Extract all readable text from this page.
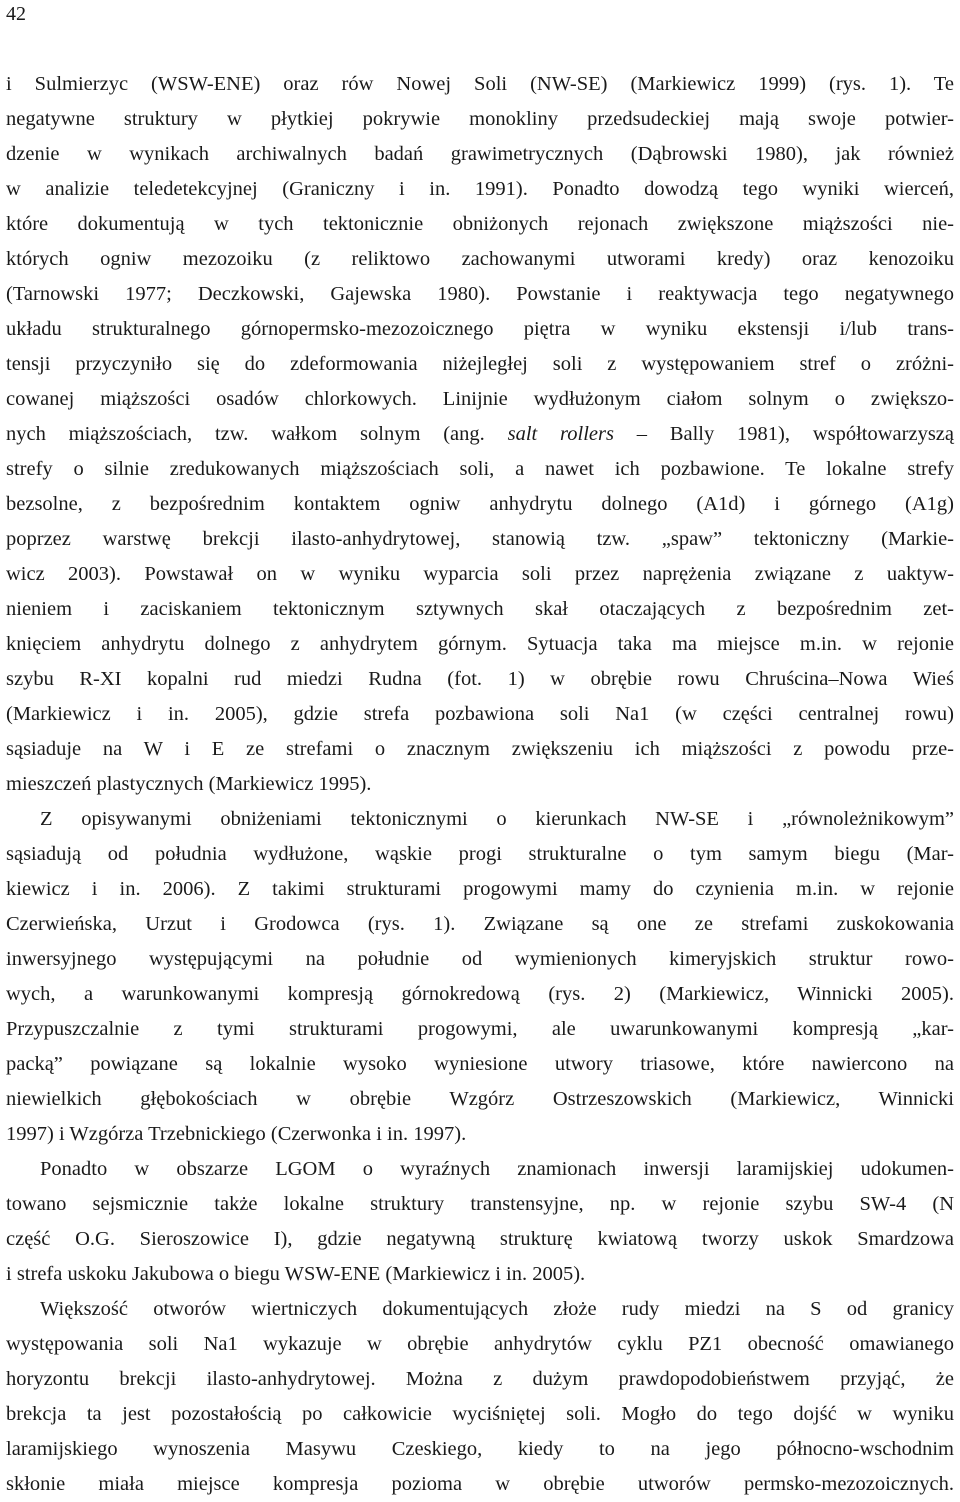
42
i Sulmierzyc (WSW-ENE) oraz rów Nowej Soli (NW-SE) (Markiewicz 1999) (rys. 1). Te
negatywne struktury w płytkiej pokrywie monokliny przedsudeckiej mają swoje potwier-
dzenie w wynikach archiwalnych badań grawimetrycznych (Dąbrowski 1980), jak również
w analizie teledetekcyjnej (Graniczny i in. 1991). Ponadto dowodzą tego wyniki wierceń,
które dokumentują w tych tektonicznie obniżonych rejonach zwiększone miąższości nie-
których ogniw mezozoiku (z reliktowo zachowanymi utworami kredy) oraz kenozoiku
(Tarnowski 1977; Deczkowski, Gajewska 1980). Powstanie i reaktywacja tego negatywnego
układu strukturalnego górnopermsko-mezozoicznego piętra w wyniku ekstensji i/lub trans-
tensji przyczyniło się do zdeformowania niżejległej soli z występowaniem stref o zróżni-
cowanej miąższości osadów chlorkowych. Linijnie wydłużonym ciałom solnym o zwiększo-
nych miąższościach, tzw. wałkom solnym (ang. salt rollers – Bally 1981), współtowarzyszą
strefy o silnie zredukowanych miąższościach soli, a nawet ich pozbawione. Te lokalne strefy
bezsolne, z bezpośrednim kontaktem ogniw anhydrytu dolnego (A1d) i górnego (A1g)
poprzez warstwę brekcji ilasto-anhydrytowej, stanowią tzw. „spaw” tektoniczny (Markie-
wicz 2003). Powstawał on w wyniku wyparcia soli przez naprężenia związane z uaktyw-
nieniem i zaciskaniem tektonicznym sztywnych skał otaczających z bezpośrednim zet-
knięciem anhydrytu dolnego z anhydrytem górnym. Sytuacja taka ma miejsce m.in. w rejonie
szybu R-XI kopalni rud miedzi Rudna (fot. 1) w obrębie rowu Chruścina–Nowa Wieś
(Markiewicz i in. 2005), gdzie strefa pozbawiona soli Na1 (w części centralnej rowu)
sąsiaduje na W i E ze strefami o znacznym zwiększeniu ich miąższości z powodu prze-
mieszczeń plastycznych (Markiewicz 1995).
Z opisywanymi obniżeniami tektonicznymi o kierunkach NW-SE i „równoleżnikowym”
sąsiadują od południa wydłużone, wąskie progi strukturalne o tym samym biegu (Mar-
kiewicz i in. 2006). Z takimi strukturami progowymi mamy do czynienia m.in. w rejonie
Czerwieńska, Urzut i Grodowca (rys. 1). Związane są one ze strefami zuskokowania
inwersyjnego występującymi na południe od wymienionych kimeryjskich struktur rowo-
wych, a warunkowanymi kompresją górnokredową (rys. 2) (Markiewicz, Winnicki 2005).
Przypuszczalnie z tymi strukturami progowymi, ale uwarunkowanymi kompresją „kar-
packą” powiązane są lokalnie wysoko wyniesione utwory triasowe, które nawiercono na
niewielkich głębokościach w obrębie Wzgórz Ostrzeszowskich (Markiewicz, Winnicki
1997) i Wzgórza Trzebnickiego (Czerwonka i in. 1997).
Ponadto w obszarze LGOM o wyraźnych znamionach inwersji laramijskiej udokumen-
towano sejsmicznie także lokalne struktury transtensyjne, np. w rejonie szybu SW-4 (N
część O.G. Sieroszowice I), gdzie negatywną strukturę kwiatową tworzy uskok Smardzowa
i strefa uskoku Jakubowa o biegu WSW-ENE (Markiewicz i in. 2005).
Większość otworów wiertniczych dokumentujących złoże rudy miedzi na S od granicy
występowania soli Na1 wykazuje w obrębie anhydrytów cyklu PZ1 obecność omawianego
horyzontu brekcji ilasto-anhydrytowej. Można z dużym prawdopodobieństwem przyjąć, że
brekcja ta jest pozostałością po całkowicie wyciśniętej soli. Mogło do tego dojść w wyniku
laramijskiego wynoszenia Masywu Czeskiego, kiedy to na jego północno-wschodnim
skłonie miała miejsce kompresja pozioma w obrębie utworów permsko-mezozoicznych.
